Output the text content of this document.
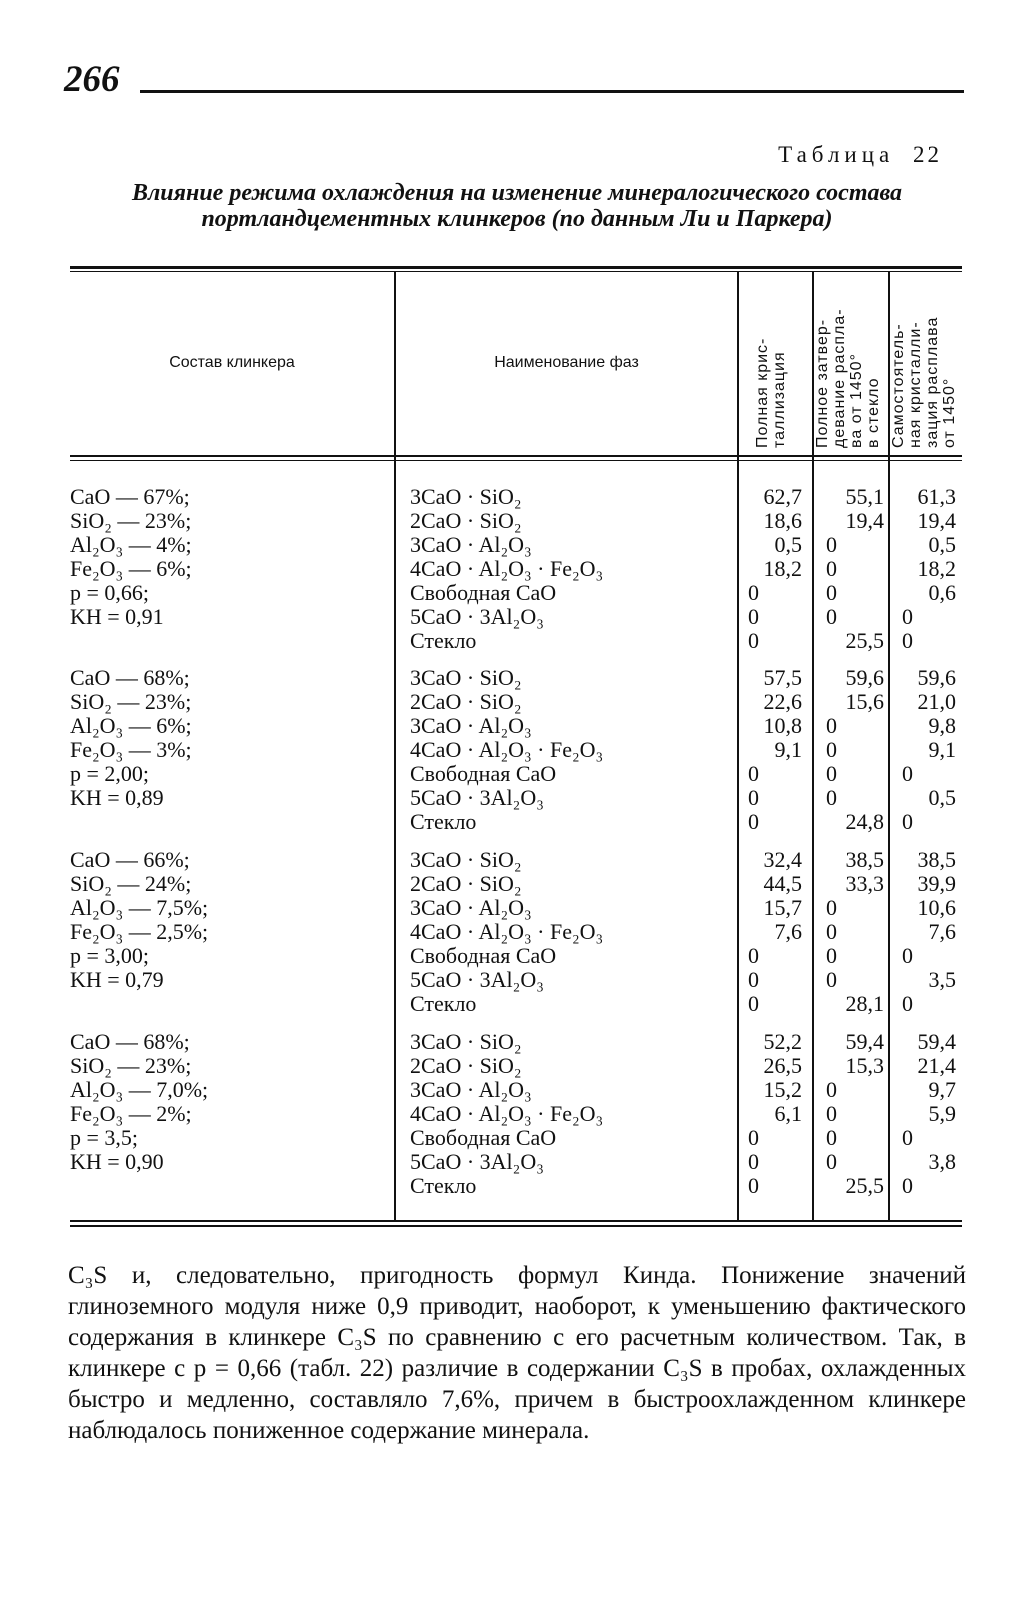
266
Таблица 22
Влияние режима охлаждения на изменение минералогического состава портландцементных клинкеров (по данным Ли и Паркера)
Состав клинкера	Наименование фаз	Полная крис- таллизация Полное затвер- девание распла- ва от 1450° в стекло Самостоятель- ная кристалли- зация расплава от 1450°
CaO — 67%;
SiO₂ — 23%;
Al₂O₃ — 4%;
Fe₂O₃ — 6%;
p = 0,66;
KH = 0,91
3CaO · SiO₂
2CaO · SiO₂
3CaO · Al₂O₃
4CaO · Al₂O₃ · Fe₂O₃
Свободная CaO
5CaO · 3Al₂O₃
Стекло
62,7
18,6
0,5
18,2
0
0
0
55,1
19,4
0
0
0
0
25,5
61,3
19,4
0,5
18,2
0,6
0
0
CaO — 68%;
SiO₂ — 23%;
Al₂O₃ — 6%;
Fe₂O₃ — 3%;
p = 2,00;
KH = 0,89
3CaO · SiO₂
2CaO · SiO₂
3CaO · Al₂O₃
4CaO · Al₂O₃ · Fe₂O₃
Свободная CaO
5CaO · 3Al₂O₃
Стекло
57,5
22,6
10,8
9,1
0
0
0
59,6
15,6
0
0
0
0
24,8
59,6
21,0
9,8
9,1
0
0,5
0
CaO — 66%;
SiO₂ — 24%;
Al₂O₃ — 7,5%;
Fe₂O₃ — 2,5%;
p = 3,00;
KH = 0,79
3CaO · SiO₂
2CaO · SiO₂
3CaO · Al₂O₃
4CaO · Al₂O₃ · Fe₂O₃
Свободная CaO
5CaO · 3Al₂O₃
Стекло
32,4
44,5
15,7
7,6
0
0
0
38,5
33,3
0
0
0
0
28,1
38,5
39,9
10,6
7,6
0
3,5
0
CaO — 68%;
SiO₂ — 23%;
Al₂O₃ — 7,0%;
Fe₂O₃ — 2%;
p = 3,5;
KH = 0,90
3CaO · SiO₂
2CaO · SiO₂
3CaO · Al₂O₃
4CaO · Al₂O₃ · Fe₂O₃
Свободная CaO
5CaO · 3Al₂O₃
Стекло
52,2
26,5
15,2
6,1
0
0
0
59,4
15,3
0
0
0
0
25,5
59,4
21,4
9,7
5,9
0
3,8
0
C₃S и, следовательно, пригодность формул Кинда. Понижение значений глиноземного модуля ниже 0,9 приводит, наоборот, к уменьшению фактического содержания в клинкере C₃S по сравнению с его расчетным количеством. Так, в клинкере с p = 0,66 (табл. 22) различие в содержании C₃S в пробах, охлажденных быстро и медленно, составляло 7,6%, причем в быстроохлажденном клинкере наблюдалось пониженное содержание минерала.
